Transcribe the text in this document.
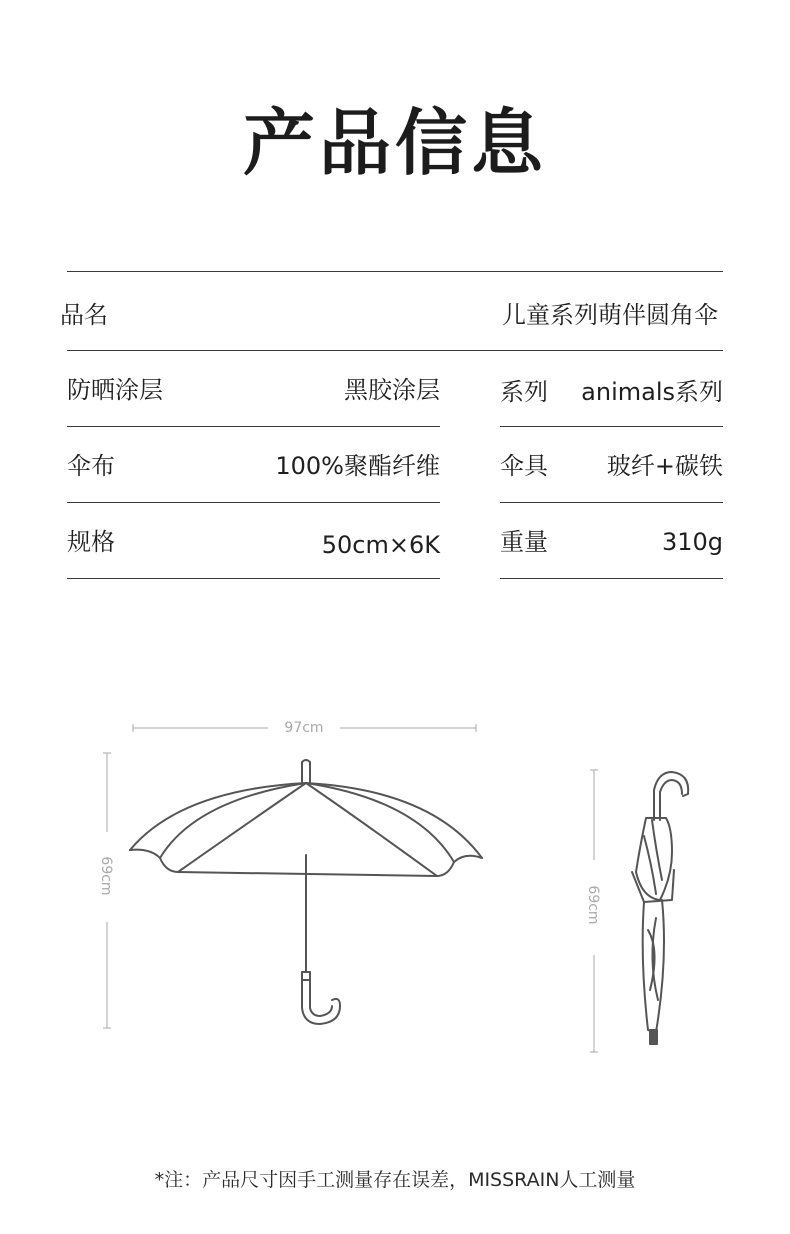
产品信息
品名	儿童系列萌伴圆角伞
防晒涂层	黑胶涂层
伞布	100%聚酯纤维
规格	50cm×6K
系列 animals系列
伞具 玻纤+碳铁
重量	310g
97cm
69cm
69cm
*注：产品尺寸因手工测量存在误差，MISSRAIN人工测量
